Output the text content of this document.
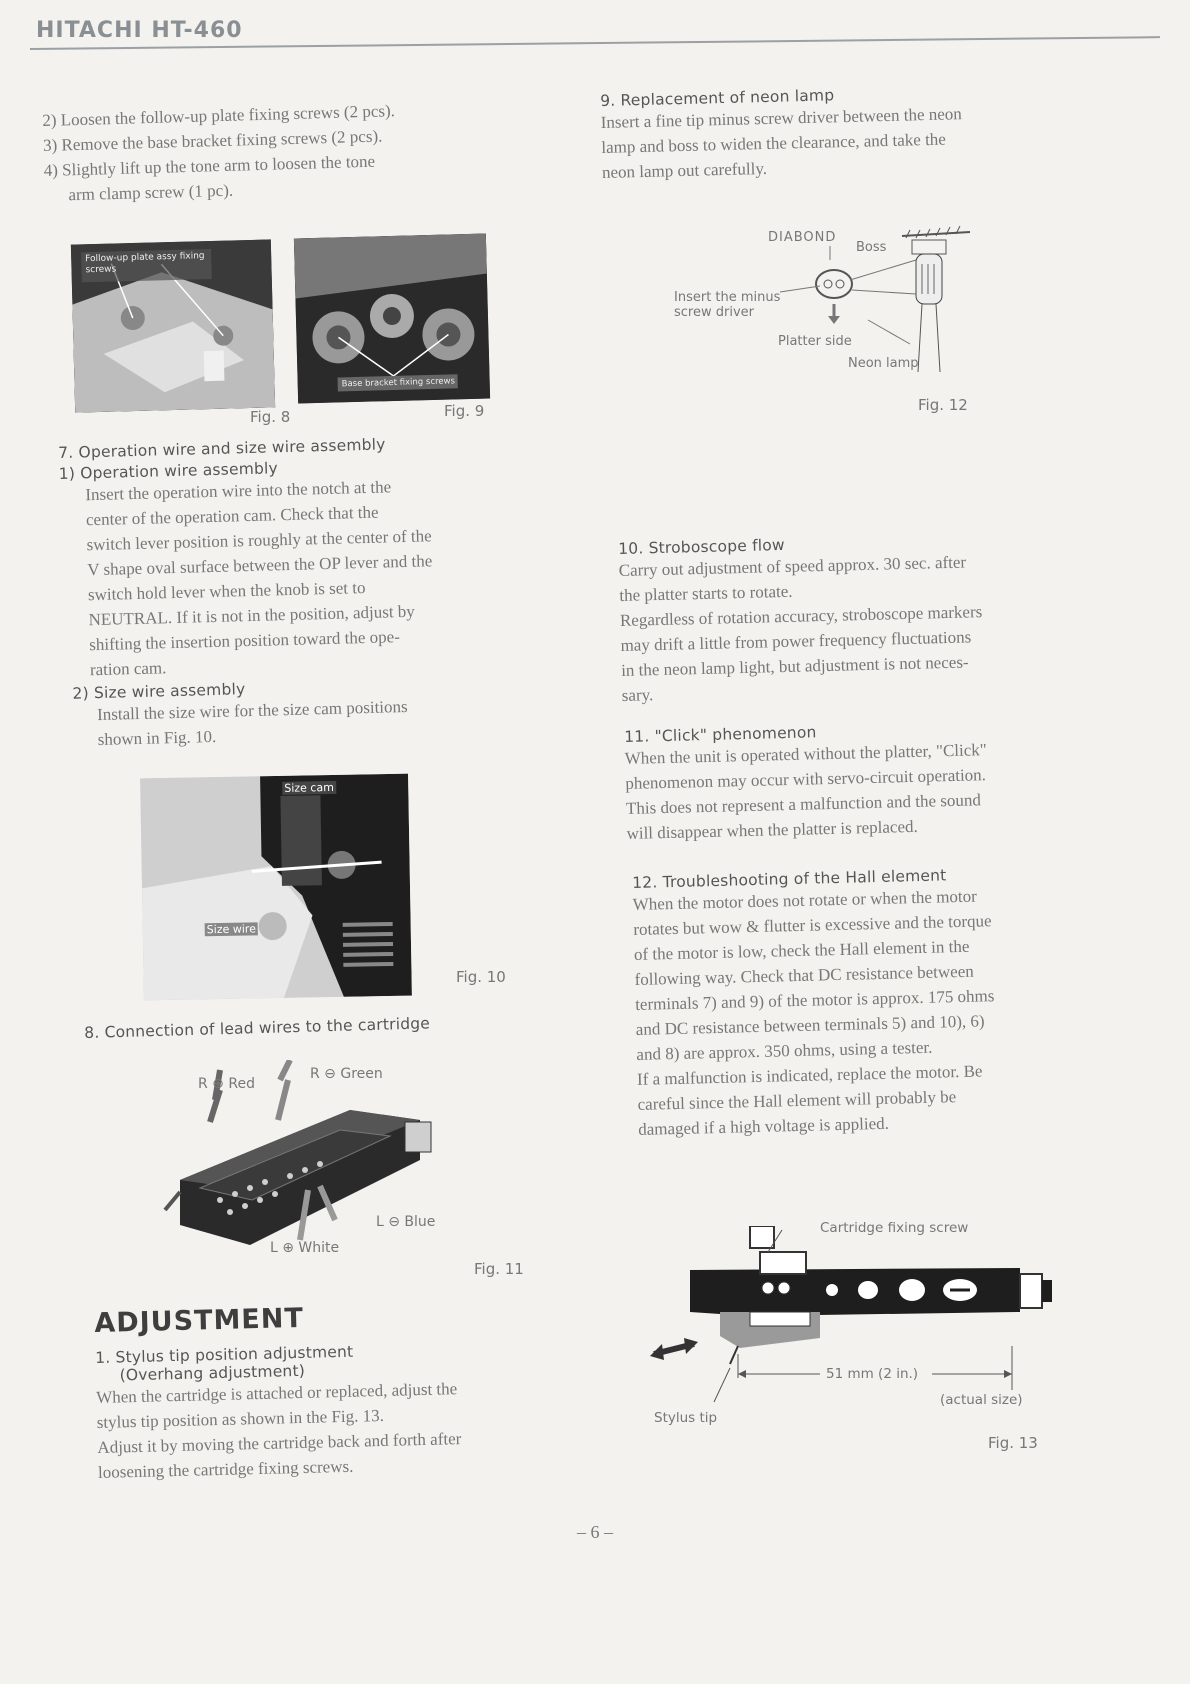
HITACHI HT-460

2) Loosen the follow-up plate fixing screws (2 pcs).

3) Remove the base bracket fixing screws (2 pcs).

4) Slightly lift up the tone arm to loosen the tone

arm clamp screw (1 pc).

Follow-up plate assy fixing screws
Base bracket fixing screws
Fig. 8	Fig. 9
7. Operation wire and size wire assembly
1) Operation wire assembly
Insert the operation wire into the notch at the
center of the operation cam. Check that the
switch lever position is roughly at the center of the
V shape oval surface between the OP lever and the
switch hold lever when the knob is set to
NEUTRAL. If it is not in the position, adjust by
shifting the insertion position toward the ope-
ration cam.
2) Size wire assembly
Install the size wire for the size cam positions
shown in Fig. 10.
Size cam
Size wire
Fig. 10
8. Connection of lead wires to the cartridge
R ⊕ Red
R ⊖ Green
L ⊖ Blue
L ⊕ White
Fig. 11
ADJUSTMENT
1. Stylus tip position adjustment
(Overhang adjustment)
When the cartridge is attached or replaced, adjust the
stylus tip position as shown in the Fig. 13.
Adjust it by moving the cartridge back and forth after
loosening the cartridge fixing screws.
9. Replacement of neon lamp
Insert a fine tip minus screw driver between the neon
lamp and boss to widen the clearance, and take the
neon lamp out carefully.
DIABOND
Boss
Insert the minus
screw driver
Platter side
Neon lamp
Fig. 12
10. Stroboscope flow
Carry out adjustment of speed approx. 30 sec. after
the platter starts to rotate.
Regardless of rotation accuracy, stroboscope markers
may drift a little from power frequency fluctuations
in the neon lamp light, but adjustment is not neces-
sary.
11. "Click" phenomenon
When the unit is operated without the platter, "Click"
phenomenon may occur with servo-circuit operation.
This does not represent a malfunction and the sound
will disappear when the platter is replaced.
12. Troubleshooting of the Hall element
When the motor does not rotate or when the motor
rotates but wow & flutter is excessive and the torque
of the motor is low, check the Hall element in the
following way. Check that DC resistance between
terminals 7) and 9) of the motor is approx. 175 ohms
and DC resistance between terminals 5) and 10), 6)
and 8) are approx. 350 ohms, using a tester.
If a malfunction is indicated, replace the motor. Be
careful since the Hall element will probably be
damaged if a high voltage is applied.
Cartridge fixing screw
51 mm (2 in.)
(actual size)
Stylus tip
Fig. 13
– 6 –
